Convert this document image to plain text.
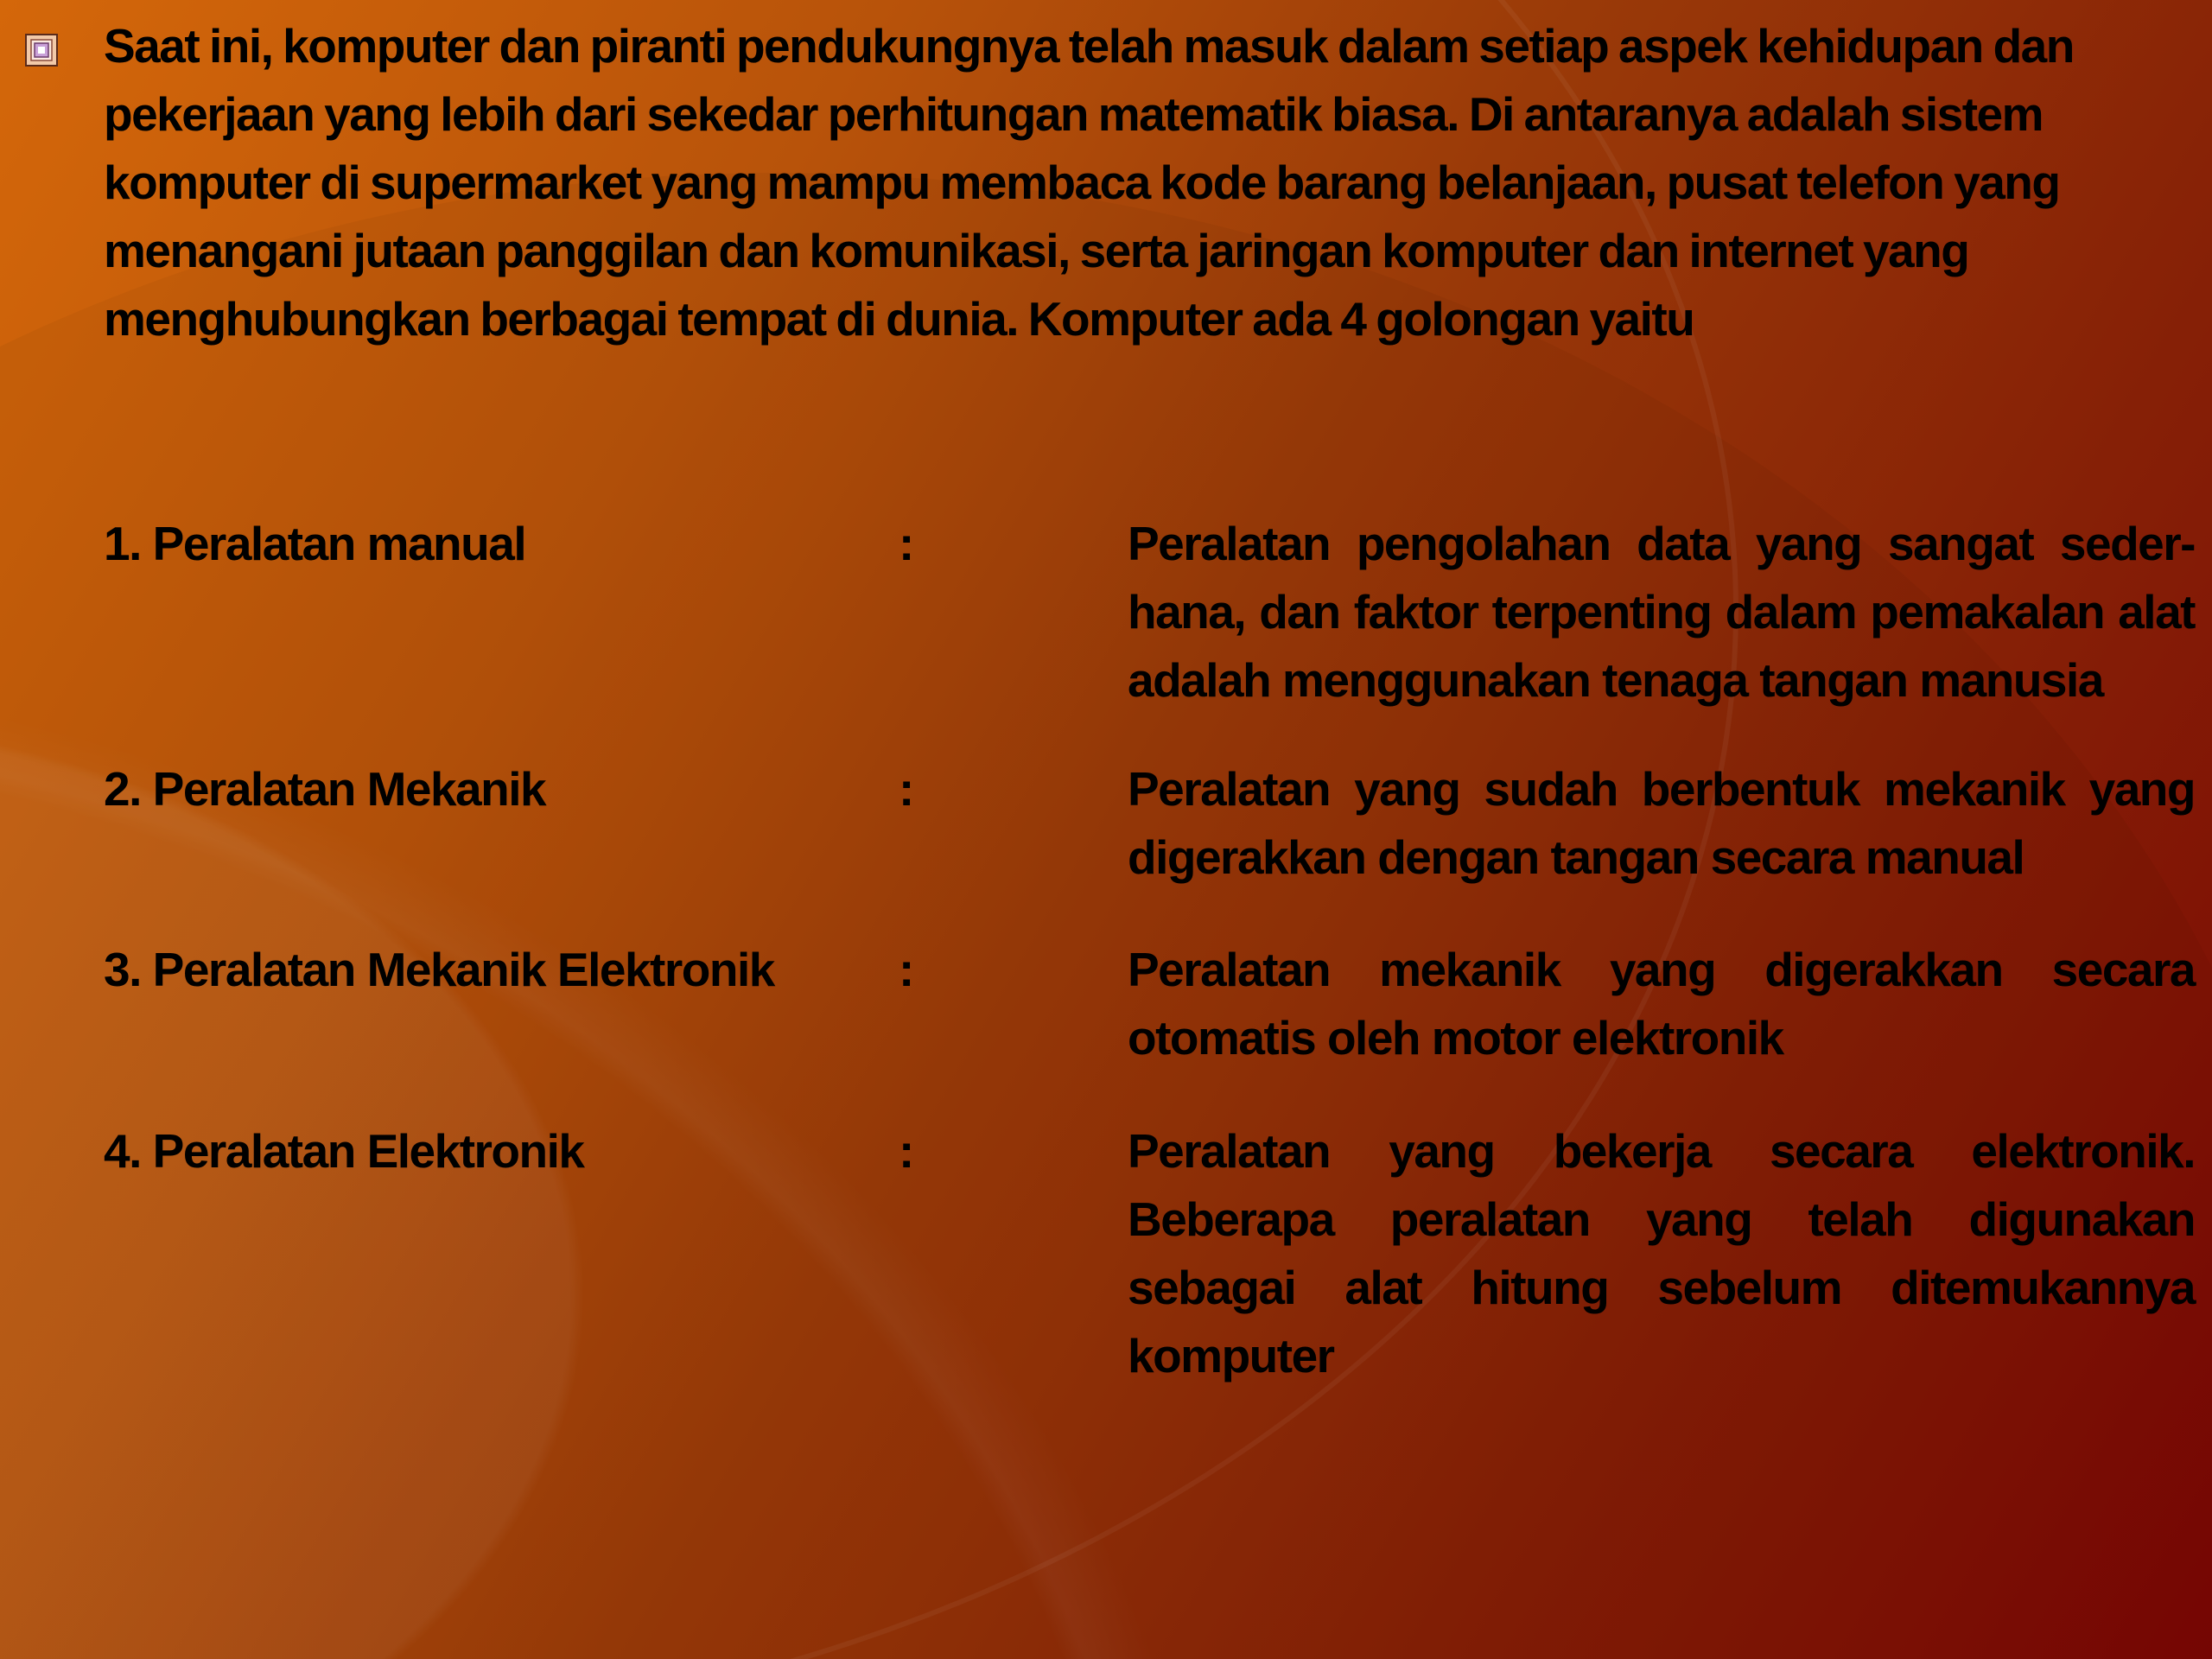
Saat ini, komputer dan piranti pendukungnya telah masuk dalam setiap aspek kehidupan dan pekerjaan yang lebih dari sekedar perhitungan matematik biasa. Di antaranya adalah sistem komputer di supermarket yang mampu membaca kode barang belanjaan, pusat telefon yang menangani jutaan panggilan dan komunikasi, serta jaringan komputer dan internet yang menghubungkan berbagai tempat di dunia. Komputer ada 4 golongan yaitu
1. Peralatan manual	:	Peralatan pengolahan data yang sangat seder-hana, dan faktor terpenting dalam pemakalan alat adalah menggunakan tenaga tangan manusia
2. Peralatan Mekanik	:	Peralatan yang sudah berbentuk mekanik yang digerakkan dengan tangan secara manual
3. Peralatan Mekanik Elektronik	:	Peralatan mekanik yang digerakkan secara otomatis oleh motor elektronik
4. Peralatan Elektronik	:	Peralatan yang bekerja secara elektronik. Beberapa peralatan yang telah digunakan sebagai alat hitung sebelum ditemukannya komputer
